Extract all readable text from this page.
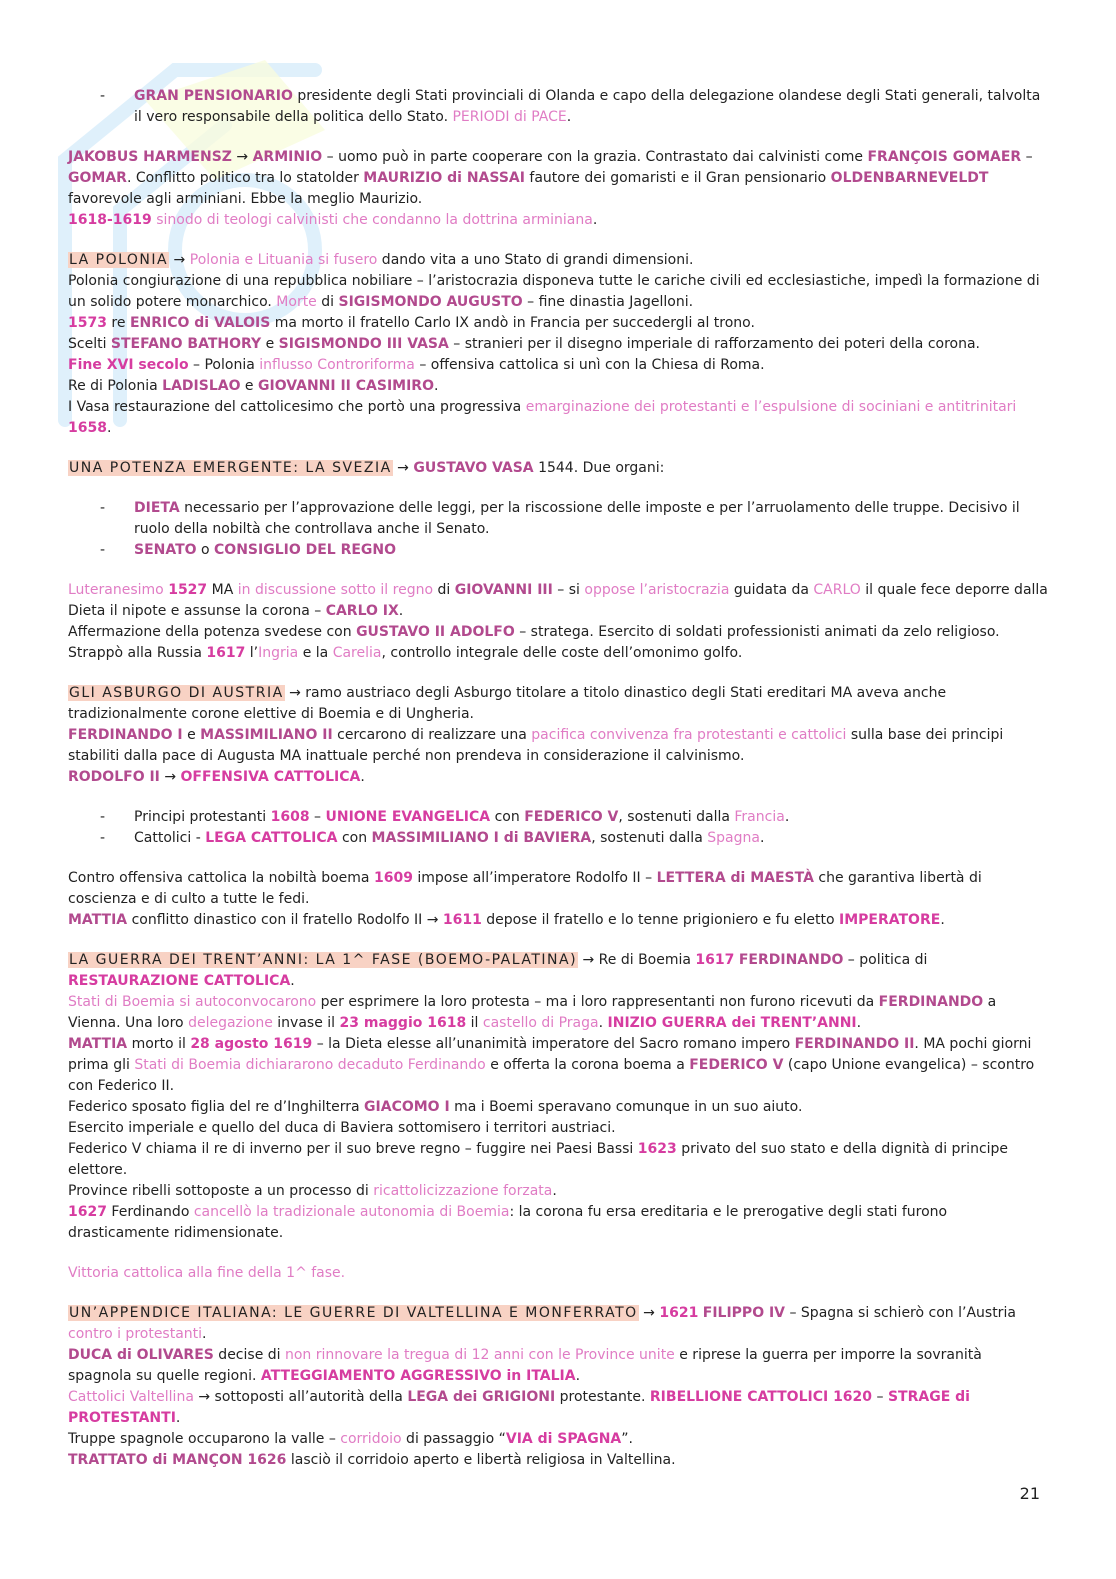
- GRAN PENSIONARIO presidente degli Stati provinciali di Olanda e capo della delegazione olandese degli Stati generali, talvolta il vero responsabile della politica dello Stato. PERIODI di PACE.
JAKOBUS HARMENSZ → ARMINIO – uomo può in parte cooperare con la grazia. Contrastato dai calvinisti come FRANÇOIS GOMAER – GOMAR. Conflitto politico tra lo statolder MAURIZIO di NASSAI fautore dei gomaristi e il Gran pensionario OLDENBARNEVELDT favorevole agli arminiani. Ebbe la meglio Maurizio.
1618-1619 sinodo di teologi calvinisti che condanno la dottrina arminiana.
LA POLONIA → Polonia e Lituania si fusero dando vita a uno Stato di grandi dimensioni.
Polonia congiurazione di una repubblica nobiliare – l’aristocrazia disponeva tutte le cariche civili ed ecclesiastiche, impedì la formazione di un solido potere monarchico. Morte di SIGISMONDO AUGUSTO – fine dinastia Jagelloni.
1573 re ENRICO di VALOIS ma morto il fratello Carlo IX andò in Francia per succedergli al trono.
Scelti STEFANO BATHORY e SIGISMONDO III VASA – stranieri per il disegno imperiale di rafforzamento dei poteri della corona.
Fine XVI secolo – Polonia influsso Controriforma – offensiva cattolica si unì con la Chiesa di Roma.
Re di Polonia LADISLAO e GIOVANNI II CASIMIRO.
I Vasa restaurazione del cattolicesimo che portò una progressiva emarginazione dei protestanti e l’espulsione di sociniani e antitrinitari 1658.
UNA POTENZA EMERGENTE: LA SVEZIA → GUSTAVO VASA 1544. Due organi:
- DIETA necessario per l’approvazione delle leggi, per la riscossione delle imposte e per l’arruolamento delle truppe. Decisivo il ruolo della nobiltà che controllava anche il Senato.
- SENATO o CONSIGLIO DEL REGNO
Luteranesimo 1527 MA in discussione sotto il regno di GIOVANNI III – si oppose l’aristocrazia guidata da CARLO il quale fece deporre dalla Dieta il nipote e assunse la corona – CARLO IX.
Affermazione della potenza svedese con GUSTAVO II ADOLFO – stratega. Esercito di soldati professionisti animati da zelo religioso.
Strappò alla Russia 1617 l’Ingria e la Carelia, controllo integrale delle coste dell’omonimo golfo.
GLI ASBURGO DI AUSTRIA → ramo austriaco degli Asburgo titolare a titolo dinastico degli Stati ereditari MA aveva anche tradizionalmente corone elettive di Boemia e di Ungheria.
FERDINANDO I e MASSIMILIANO II cercarono di realizzare una pacifica convivenza fra protestanti e cattolici sulla base dei principi stabiliti dalla pace di Augusta MA inattuale perché non prendeva in considerazione il calvinismo.
RODOLFO II → OFFENSIVA CATTOLICA.
- Principi protestanti 1608 – UNIONE EVANGELICA con FEDERICO V, sostenuti dalla Francia.
- Cattolici - LEGA CATTOLICA con MASSIMILIANO I di BAVIERA, sostenuti dalla Spagna.
Contro offensiva cattolica la nobiltà boema 1609 impose all’imperatore Rodolfo II – LETTERA di MAESTÀ che garantiva libertà di coscienza e di culto a tutte le fedi.
MATTIA conflitto dinastico con il fratello Rodolfo II → 1611 depose il fratello e lo tenne prigioniero e fu eletto IMPERATORE.
LA GUERRA DEI TRENT’ANNI: LA 1^ FASE (BOEMO-PALATINA) → Re di Boemia 1617 FERDINANDO – politica di RESTAURAZIONE CATTOLICA.
Stati di Boemia si autoconvocarono per esprimere la loro protesta – ma i loro rappresentanti non furono ricevuti da FERDINANDO a Vienna. Una loro delegazione invase il 23 maggio 1618 il castello di Praga. INIZIO GUERRA dei TRENT’ANNI.
MATTIA morto il 28 agosto 1619 – la Dieta elesse all’unanimità imperatore del Sacro romano impero FERDINANDO II. MA pochi giorni prima gli Stati di Boemia dichiararono decaduto Ferdinando e offerta la corona boema a FEDERICO V (capo Unione evangelica) – scontro con Federico II.
Federico sposato figlia del re d’Inghilterra GIACOMO I ma i Boemi speravano comunque in un suo aiuto.
Esercito imperiale e quello del duca di Baviera sottomisero i territori austriaci.
Federico V chiama il re di inverno per il suo breve regno – fuggire nei Paesi Bassi 1623 privato del suo stato e della dignità di principe elettore.
Province ribelli sottoposte a un processo di ricattolicizzazione forzata.
1627 Ferdinando cancellò la tradizionale autonomia di Boemia: la corona fu ersa ereditaria e le prerogative degli stati furono drasticamente ridimensionate.
Vittoria cattolica alla fine della 1^ fase.
UN’APPENDICE ITALIANA: LE GUERRE DI VALTELLINA E MONFERRATO → 1621 FILIPPO IV – Spagna si schierò con l’Austria contro i protestanti.
DUCA di OLIVARES decise di non rinnovare la tregua di 12 anni con le Province unite e riprese la guerra per imporre la sovranità spagnola su quelle regioni. ATTEGGIAMENTO AGGRESSIVO in ITALIA.
Cattolici Valtellina → sottoposti all’autorità della LEGA dei GRIGIONI protestante. RIBELLIONE CATTOLICI 1620 – STRAGE di PROTESTANTI.
Truppe spagnole occuparono la valle – corridoio di passaggio “VIA di SPAGNA”.
TRATTATO di MANÇON 1626 lasciò il corridoio aperto e libertà religiosa in Valtellina.
21
